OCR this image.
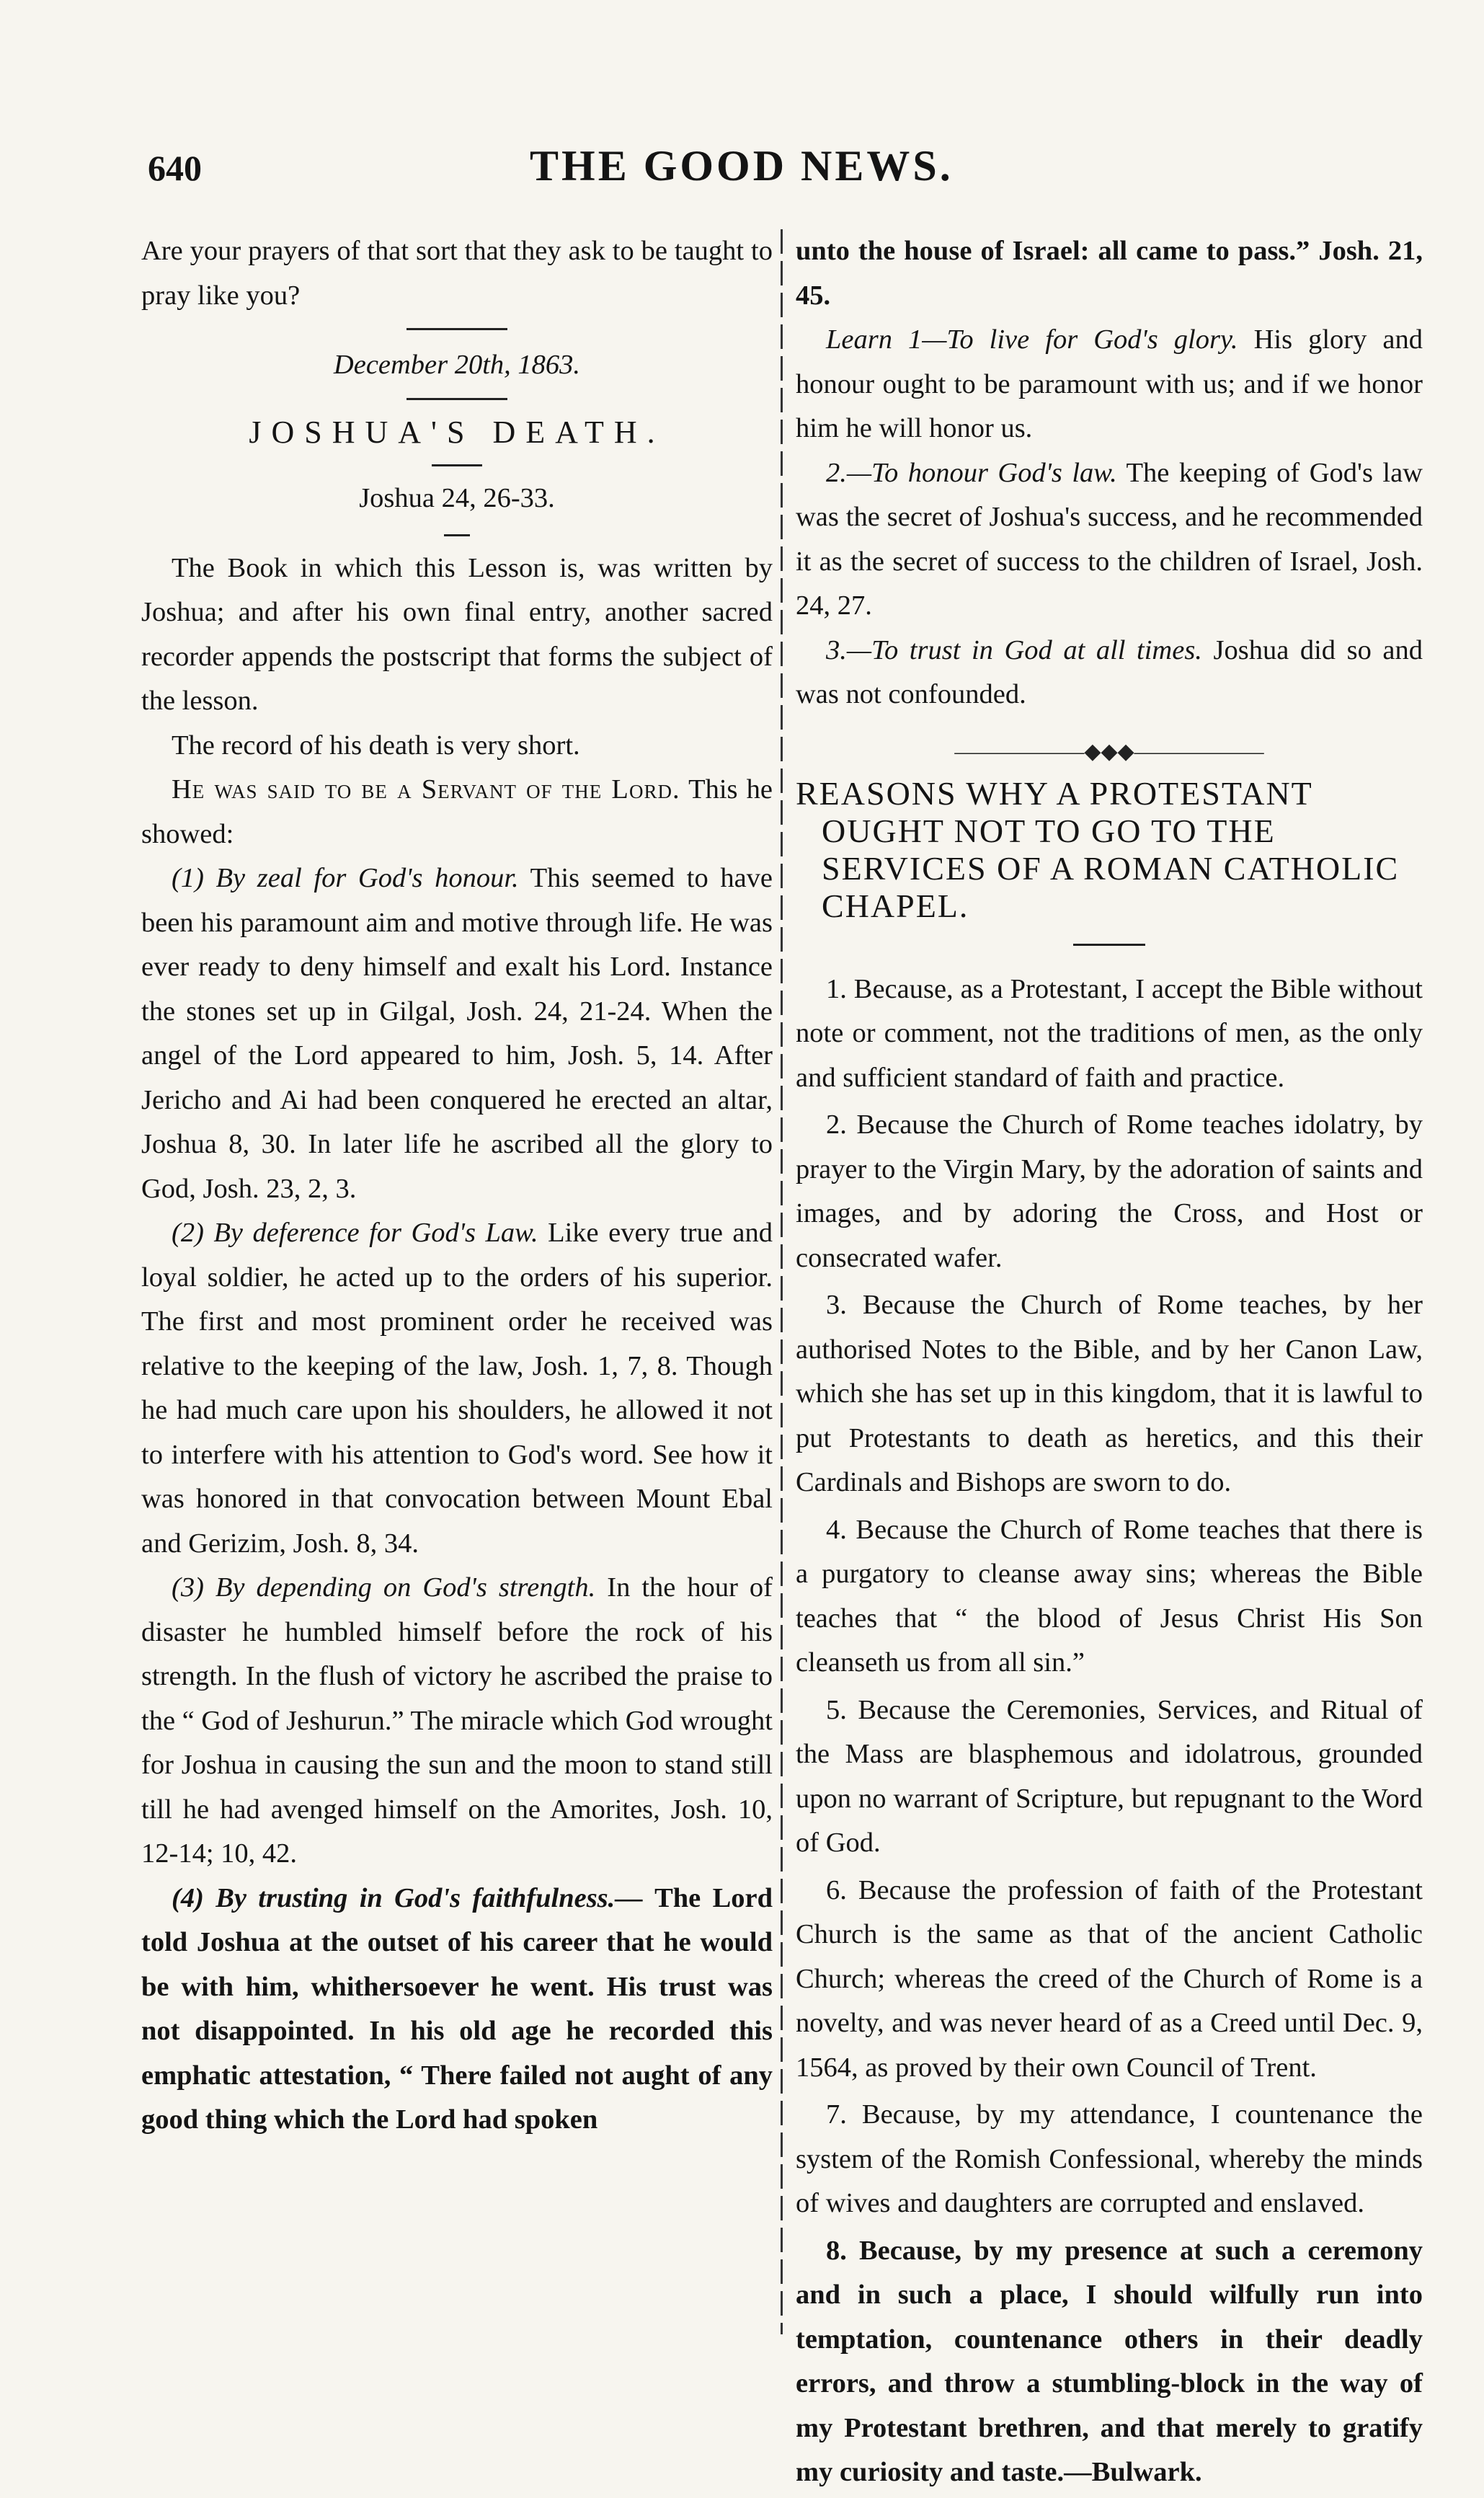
640	THE GOOD NEWS.

Are your prayers of that sort that they ask to be taught to pray like you?

December 20th, 1863.

JOSHUA'S DEATH.

Joshua 24, 26-33.

The Book in which this Lesson is, was written by Joshua; and after his own final entry, another sacred recorder appends the postscript that forms the subject of the lesson.

The record of his death is very short.

He was said to be a Servant of the Lord. This he showed:

(1) By zeal for God's honour. This seemed to have been his paramount aim and motive through life. He was ever ready to deny himself and exalt his Lord. Instance the stones set up in Gilgal, Josh. 24, 21-24. When the angel of the Lord appeared to him, Josh. 5, 14. After Jericho and Ai had been conquered he erected an altar, Joshua 8, 30. In later life he ascribed all the glory to God, Josh. 23, 2, 3.

(2) By deference for God's Law. Like every true and loyal soldier, he acted up to the orders of his superior. The first and most prominent order he received was relative to the keeping of the law, Josh. 1, 7, 8. Though he had much care upon his shoulders, he allowed it not to interfere with his attention to God's word. See how it was honored in that convocation between Mount Ebal and Gerizim, Josh. 8, 34.

(3) By depending on God's strength. In the hour of disaster he humbled himself before the rock of his strength. In the flush of victory he ascribed the praise to the “ God of Jeshurun.” The miracle which God wrought for Joshua in causing the sun and the moon to stand still till he had avenged himself on the Amorites, Josh. 10, 12-14; 10, 42.

(4) By trusting in God's faithfulness.— The Lord told Joshua at the outset of his career that he would be with him, whithersoever he went. His trust was not disappointed. In his old age he recorded this emphatic attestation, “ There failed not aught of any good thing which the Lord had spoken

unto the house of Israel: all came to pass.” Josh. 21, 45.

Learn 1—To live for God's glory. His glory and honour ought to be paramount with us; and if we honor him he will honor us.

2.—To honour God's law. The keeping of God's law was the secret of Joshua's success, and he recommended it as the secret of success to the children of Israel, Josh. 24, 27.

3.—To trust in God at all times. Joshua did so and was not confounded.

——————◆◆◆——————

REASONS WHY A PROTESTANT
OUGHT NOT TO GO TO THE SERVICES OF A ROMAN CATHOLIC CHAPEL.

1. Because, as a Protestant, I accept the Bible without note or comment, not the traditions of men, as the only and sufficient standard of faith and practice.

2. Because the Church of Rome teaches idolatry, by prayer to the Virgin Mary, by the adoration of saints and images, and by adoring the Cross, and Host or consecrated wafer.

3. Because the Church of Rome teaches, by her authorised Notes to the Bible, and by her Canon Law, which she has set up in this kingdom, that it is lawful to put Protestants to death as heretics, and this their Cardinals and Bishops are sworn to do.

4. Because the Church of Rome teaches that there is a purgatory to cleanse away sins; whereas the Bible teaches that “ the blood of Jesus Christ His Son cleanseth us from all sin.”

5. Because the Ceremonies, Services, and Ritual of the Mass are blasphemous and idolatrous, grounded upon no warrant of Scripture, but repugnant to the Word of God.

6. Because the profession of faith of the Protestant Church is the same as that of the ancient Catholic Church; whereas the creed of the Church of Rome is a novelty, and was never heard of as a Creed until Dec. 9, 1564, as proved by their own Council of Trent.

7. Because, by my attendance, I countenance the system of the Romish Confessional, whereby the minds of wives and daughters are corrupted and enslaved.

8. Because, by my presence at such a ceremony and in such a place, I should wilfully run into temptation, countenance others in their deadly errors, and throw a stumbling-block in the way of my Protestant brethren, and that merely to gratify my curiosity and taste.—Bulwark.
